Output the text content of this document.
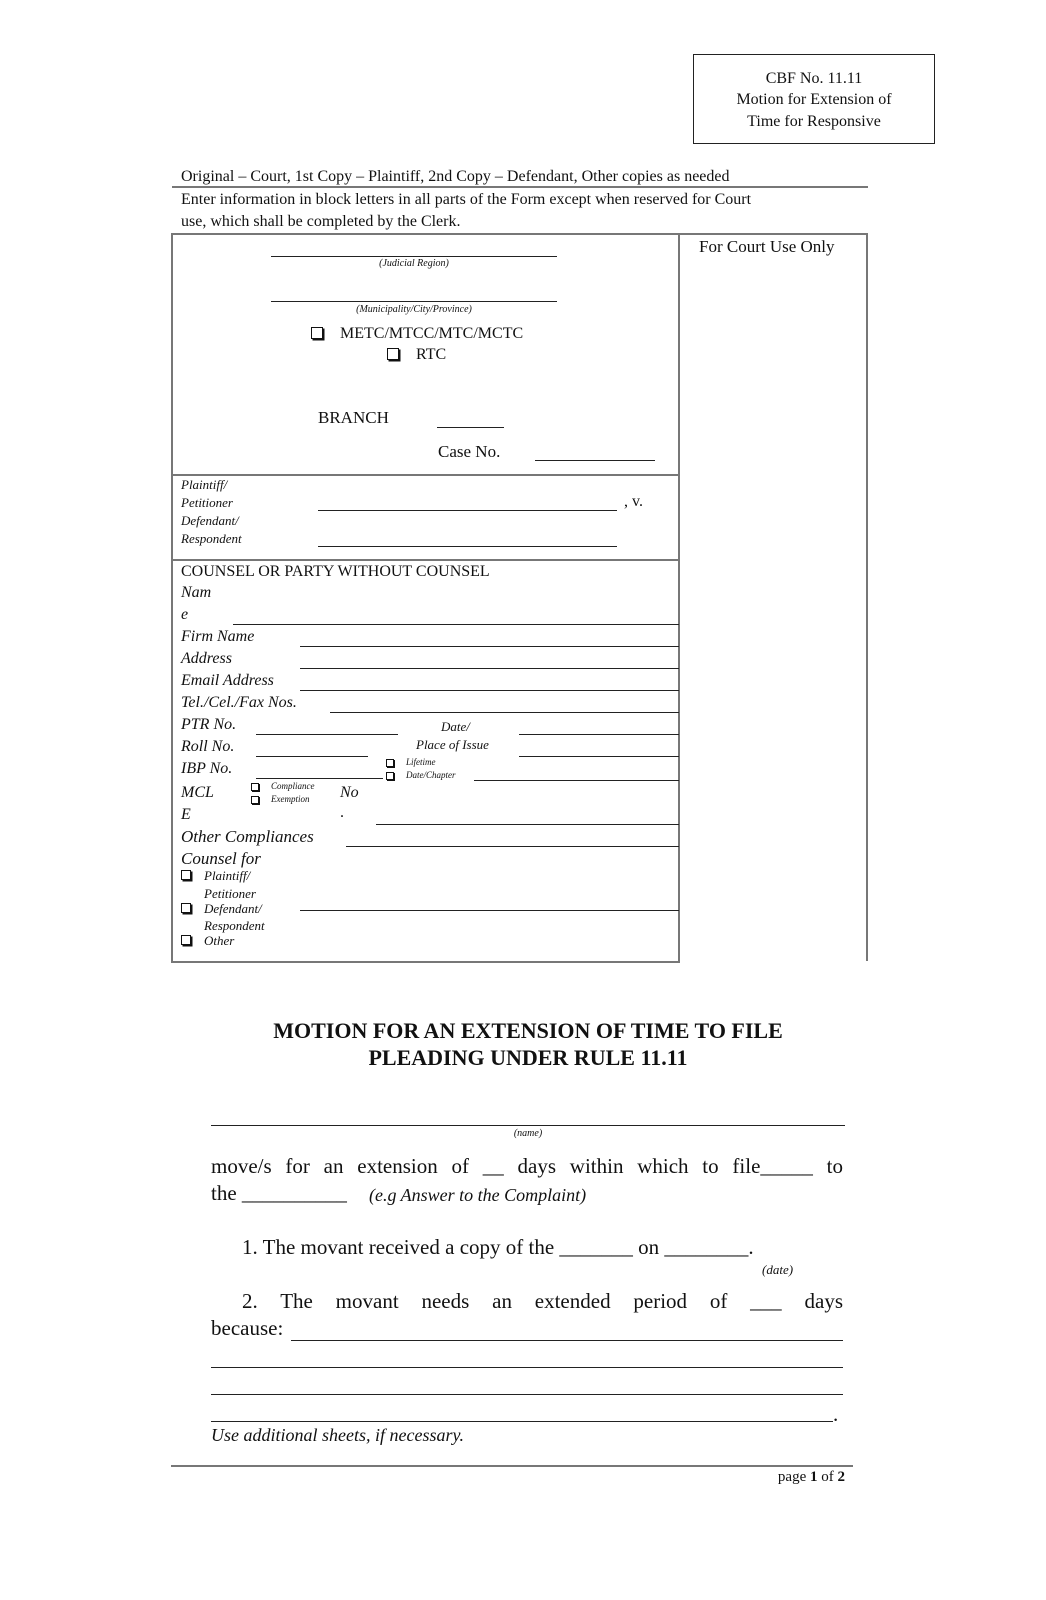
CBF No. 11.11
Motion for Extension of
Time for Responsive
Original – Court, 1st Copy – Plaintiff, 2nd Copy – Defendant, Other copies as needed
Enter information in block letters in all parts of the Form except when reserved for Court
use, which shall be completed by the Clerk.
For Court Use Only
(Judicial Region)
(Municipality/City/Province)
METC/MTCC/MTC/MCTC
RTC
BRANCH
Case No.
Plaintiff/
Petitioner
Defendant/
Respondent
, v.
COUNSEL OR PARTY WITHOUT COUNSEL
Nam
e
Firm Name
Address
Email Address
Tel./Cel./Fax Nos.
PTR No.	Date/
Place of Issue
Roll No.
IBP No.	Lifetime
Date/Chapter
MCL
E
Compliance
Exemption No
.
Other Compliances
Counsel for
Plaintiff/
Petitioner
Defendant/
Respondent
Other
MOTION FOR AN EXTENSION OF TIME TO FILE
PLEADING UNDER RULE 11.11
(name)
move/s for an extension of __ days within which to file_____ to
the __________ (e.g Answer to the Complaint)
1. The movant received a copy of the _______ on ________.
(date)
2. The movant needs an extended period of ___ days
because:
.
Use additional sheets, if necessary.
page 1 of 2
